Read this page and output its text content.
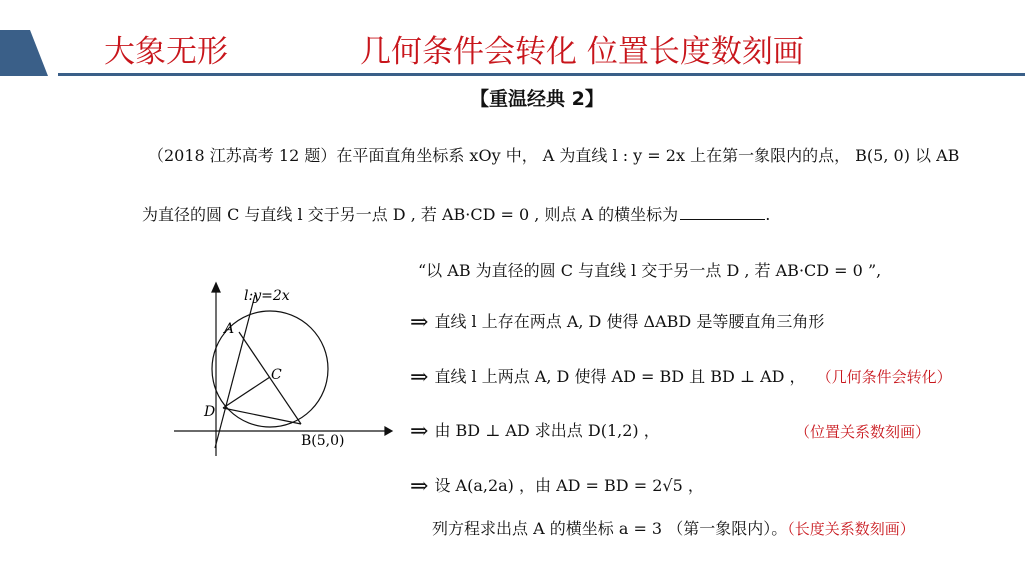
大象无形	几何条件会转化 位置长度数刻画
【重温经典 2】
（2018 江苏高考 12 题）在平面直角坐标系 xOy 中， A 为直线 l : y = 2x 上在第一象限内的点， B(5, 0) 以 AB
为直径的圆 C 与直线 l 交于另一点 D , 若 AB·CD = 0 , 则点 A 的横坐标为	.
“以 AB 为直径的圆 C 与直线 l 交于另一点 D , 若 AB·CD = 0 ”,
⇒ 直线 l 上存在两点 A, D 使得 ΔABD 是等腰直角三角形
⇒ 直线 l 上两点 A, D 使得 AD = BD 且 BD ⊥ AD ， （几何条件会转化）
⇒ 由 BD ⊥ AD 求出点 D(1,2) ，	（位置关系数刻画）
⇒ 设 A(a,2a) ，由 AD = BD = 2√5 ，
列方程求出点 A 的横坐标 a = 3 （第一象限内）。（长度关系数刻画）
l:y=2x
A
C
D
B(5,0)
